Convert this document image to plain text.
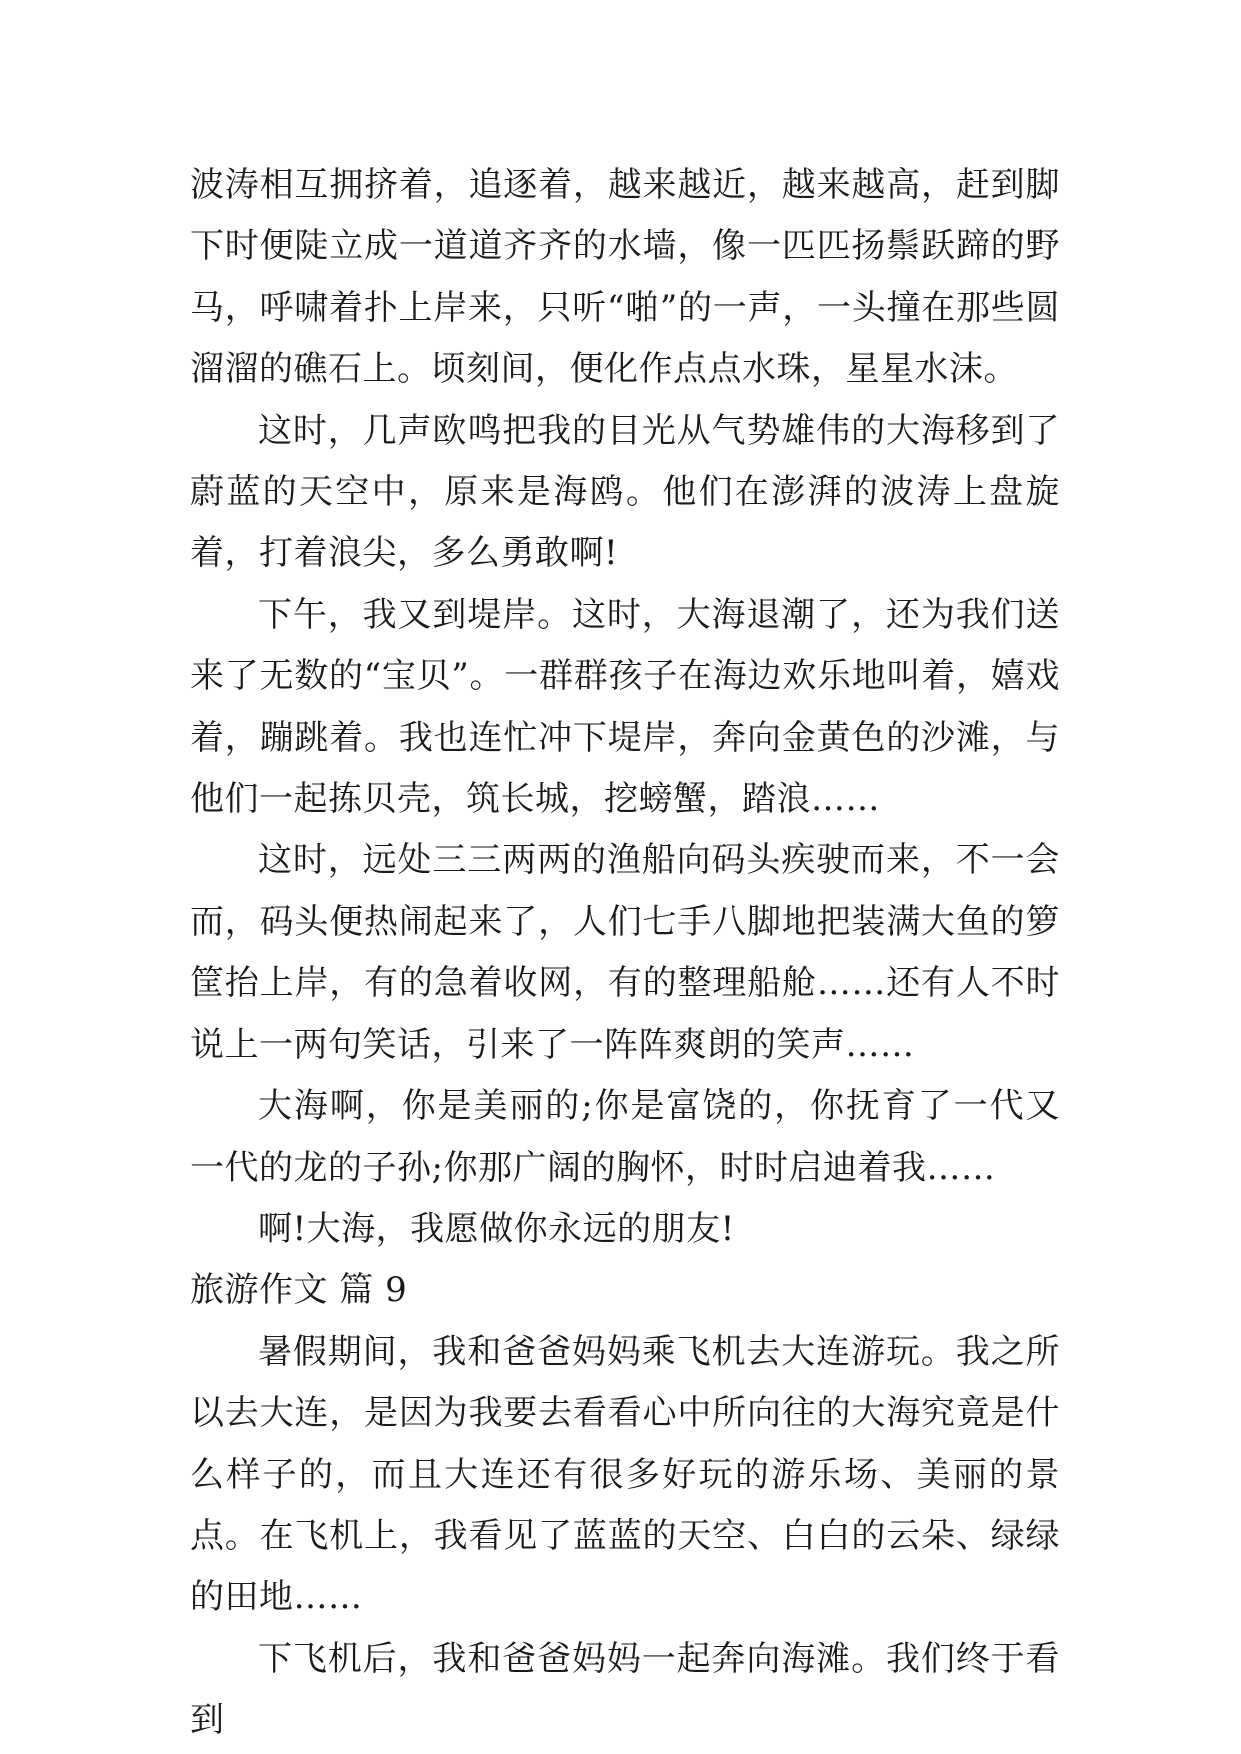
波涛相互拥挤着，追逐着，越来越近，越来越高，赶到脚下时便陡立成一道道齐齐的水墙，像一匹匹扬鬃跃蹄的野马，呼啸着扑上岸来，只听“啪”的一声，一头撞在那些圆溜溜的礁石上。顷刻间，便化作点点水珠，星星水沫。

这时，几声欧鸣把我的目光从气势雄伟的大海移到了蔚蓝的天空中，原来是海鸥。他们在澎湃的波涛上盘旋着，打着浪尖，多么勇敢啊!

下午，我又到堤岸。这时，大海退潮了，还为我们送来了无数的“宝贝”。一群群孩子在海边欢乐地叫着，嬉戏着，蹦跳着。我也连忙冲下堤岸，奔向金黄色的沙滩，与他们一起拣贝壳，筑长城，挖螃蟹，踏浪……

这时，远处三三两两的渔船向码头疾驶而来，不一会而，码头便热闹起来了，人们七手八脚地把装满大鱼的箩筐抬上岸，有的急着收网，有的整理船舱……还有人不时说上一两句笑话，引来了一阵阵爽朗的笑声……

大海啊，你是美丽的;你是富饶的，你抚育了一代又一代的龙的子孙;你那广阔的胸怀，时时启迪着我……

啊!大海，我愿做你永远的朋友!

旅游作文 篇 9

暑假期间，我和爸爸妈妈乘飞机去大连游玩。我之所以去大连，是因为我要去看看心中所向往的大海究竟是什么样子的，而且大连还有很多好玩的游乐场、美丽的景点。在飞机上，我看见了蓝蓝的天空、白白的云朵、绿绿的田地……

下飞机后，我和爸爸妈妈一起奔向海滩。我们终于看到
